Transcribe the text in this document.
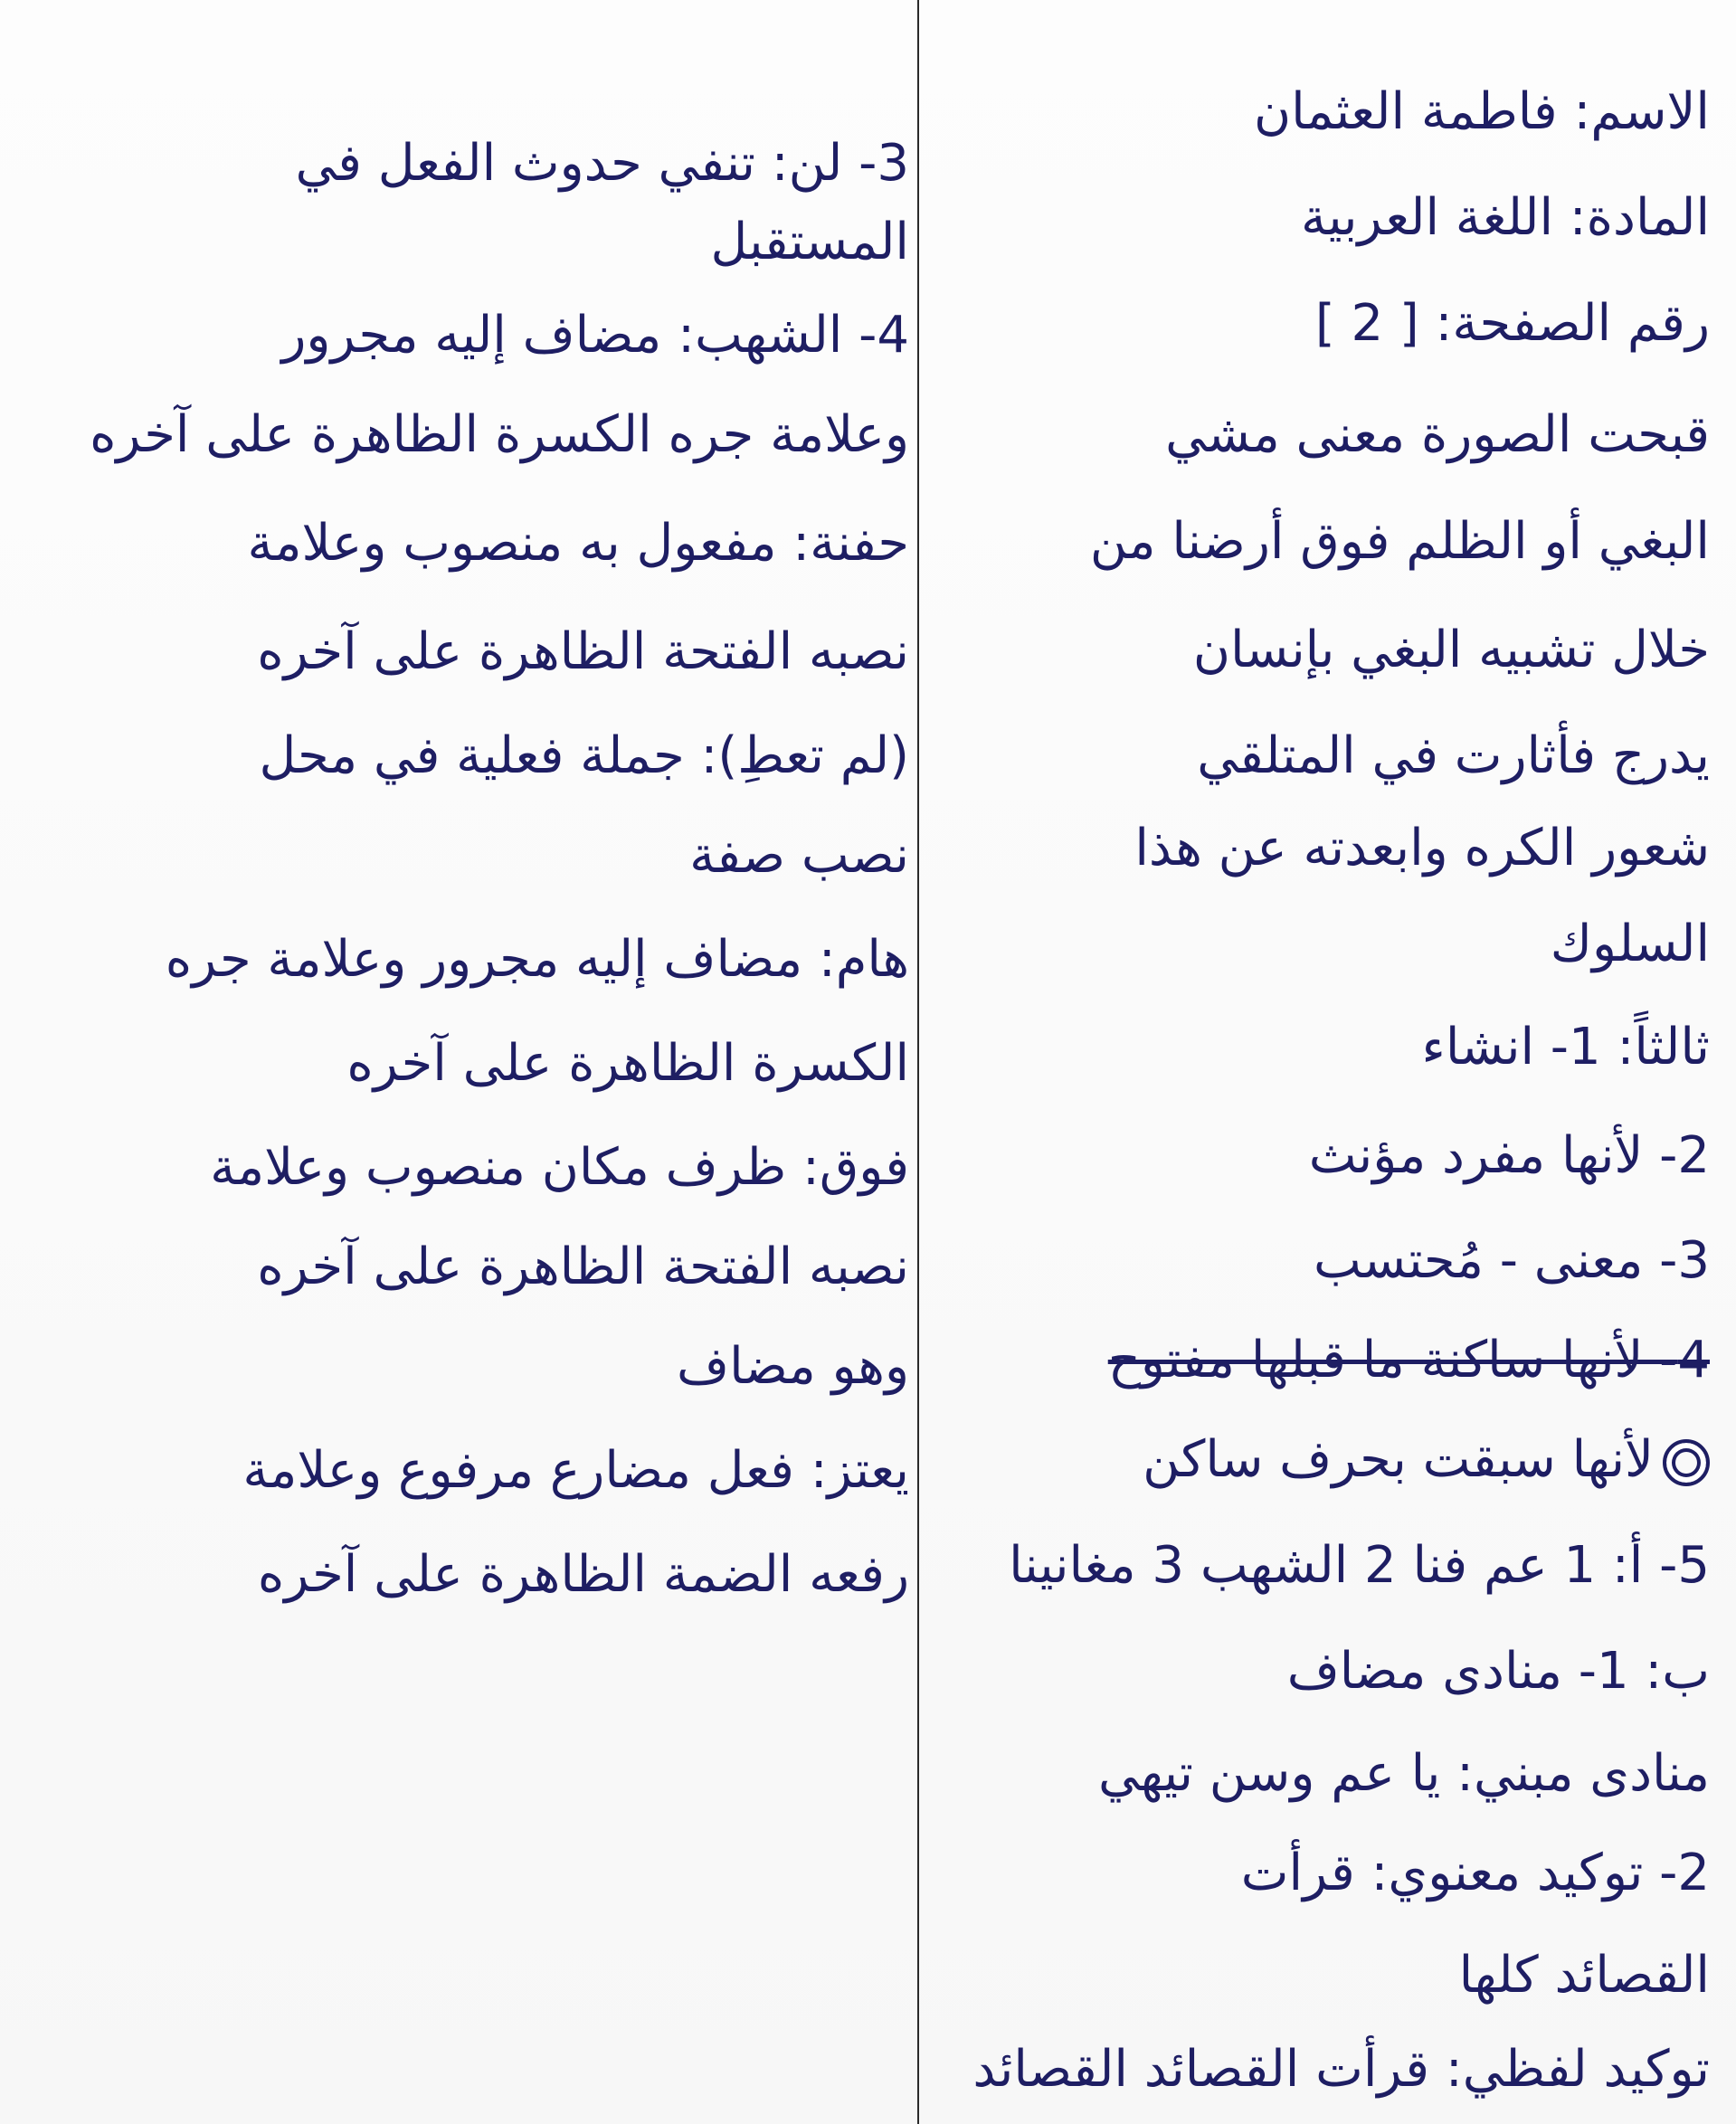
الاسم: فاطمة العثمان
المادة: اللغة العربية
رقم الصفحة: [ 2 ]
قبحت الصورة معنى مشي
البغي أو الظلم فوق أرضنا من
خلال تشبيه البغي بإنسان
يدرج فأثارت في المتلقي
شعور الكره وابعدته عن هذا
السلوك
ثالثاً: 1- انشاء
2- لأنها مفرد مؤنث
3- معنى - مُحتسب
4- لأنها ساكنة ما قبلها مفتوح
لأنها سبقت بحرف ساكن
5- أ: 1 عم فنا 2 الشهب 3 مغانينا
ب: 1- منادى مضاف
منادى مبني: يا عم وسن تيهي
2- توكيد معنوي: قرأت
القصائد كلها
توكيد لفظي: قرأت القصائد القصائد
3- لن: تنفي حدوث الفعل في
المستقبل
4- الشهب: مضاف إليه مجرور
وعلامة جره الكسرة الظاهرة على آخره
حفنة: مفعول به منصوب وعلامة
نصبه الفتحة الظاهرة على آخره
(لم تعطِ): جملة فعلية في محل
نصب صفة
هام: مضاف إليه مجرور وعلامة جره
الكسرة الظاهرة على آخره
فوق: ظرف مكان منصوب وعلامة
نصبه الفتحة الظاهرة على آخره
وهو مضاف
يعتز: فعل مضارع مرفوع وعلامة
رفعه الضمة الظاهرة على آخره
